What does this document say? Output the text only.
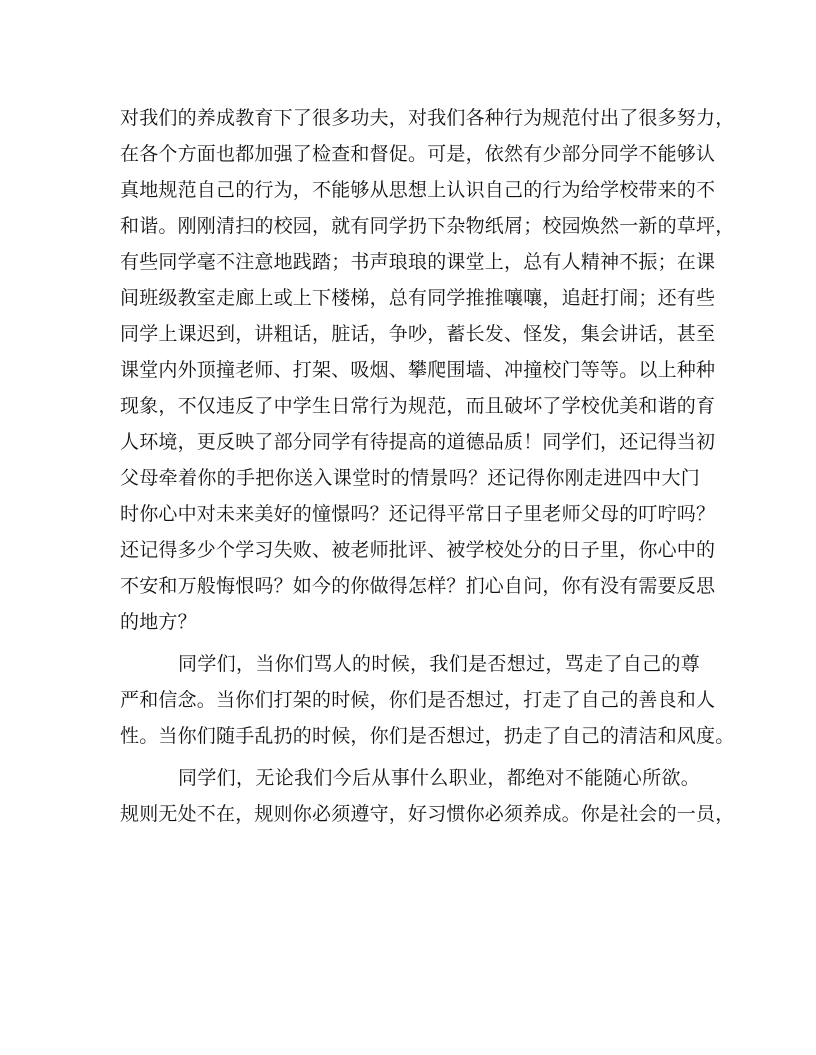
对我们的养成教育下了很多功夫，对我们各种行为规范付出了很多努力，
在各个方面也都加强了检查和督促。可是，依然有少部分同学不能够认
真地规范自己的行为，不能够从思想上认识自己的行为给学校带来的不
和谐。刚刚清扫的校园，就有同学扔下杂物纸屑；校园焕然一新的草坪，
有些同学毫不注意地践踏；书声琅琅的课堂上，总有人精神不振；在课
间班级教室走廊上或上下楼梯，总有同学推推嚷嚷，追赶打闹；还有些
同学上课迟到，讲粗话，脏话，争吵，蓄长发、怪发，集会讲话，甚至
课堂内外顶撞老师、打架、吸烟、攀爬围墙、冲撞校门等等。以上种种
现象，不仅违反了中学生日常行为规范，而且破坏了学校优美和谐的育
人环境，更反映了部分同学有待提高的道德品质！同学们，还记得当初
父母牵着你的手把你送入课堂时的情景吗？还记得你刚走进四中大门
时你心中对未来美好的憧憬吗？还记得平常日子里老师父母的叮咛吗？
还记得多少个学习失败、被老师批评、被学校处分的日子里，你心中的
不安和万般悔恨吗？如今的你做得怎样？扪心自问，你有没有需要反思
的地方？
同学们，当你们骂人的时候，我们是否想过，骂走了自己的尊
严和信念。当你们打架的时候，你们是否想过，打走了自己的善良和人
性。当你们随手乱扔的时候，你们是否想过，扔走了自己的清洁和风度。
同学们，无论我们今后从事什么职业，都绝对不能随心所欲。
规则无处不在，规则你必须遵守，好习惯你必须养成。你是社会的一员，
